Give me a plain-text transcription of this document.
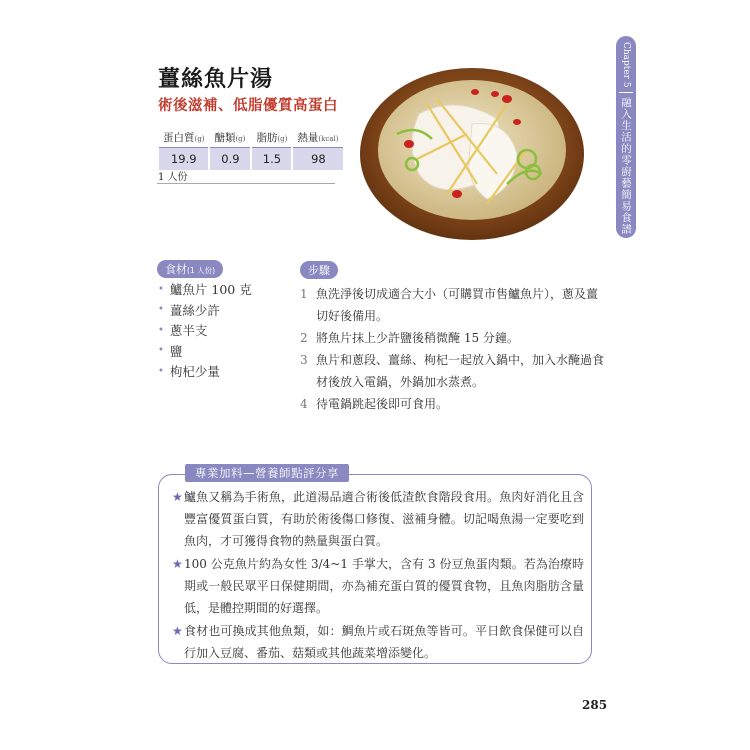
薑絲魚片湯
術後滋補、低脂優質高蛋白
蛋白質(g)	醣類(g)	脂肪(g)	熱量(kcal)
19.9	0.9	1.5	98
1 人份
Chapter 5
融入生活的零廚藝簡易食譜
食材(1 人份)
• 鱸魚片 100 克
• 薑絲少許
• 蔥半支
• 鹽
• 枸杞少量
步驟
1 魚洗淨後切成適合大小（可購買市售鱸魚片），蔥及薑切好後備用。
2 將魚片抹上少許鹽後稍微醃 15 分鐘。
3 魚片和蔥段、薑絲、枸杞一起放入鍋中，加入水醃過食材後放入電鍋，外鍋加水蒸煮。
4 待電鍋跳起後即可食用。
專業加料—營養師點評分享
★ 鱸魚又稱為手術魚，此道湯品適合術後低渣飲食階段食用。魚肉好消化且含豐富優質蛋白質，有助於術後傷口修復、滋補身體。切記喝魚湯一定要吃到魚肉，才可獲得食物的熱量與蛋白質。
★ 100 公克魚片約為女性 3/4~1 手掌大，含有 3 份豆魚蛋肉類。若為治療時期或一般民眾平日保健期間，亦為補充蛋白質的優質食物，且魚肉脂肪含量低，是體控期間的好選擇。
★ 食材也可換成其他魚類，如：鯛魚片或石斑魚等皆可。平日飲食保健可以自行加入豆腐、番茄、菇類或其他蔬菜增添變化。
285
